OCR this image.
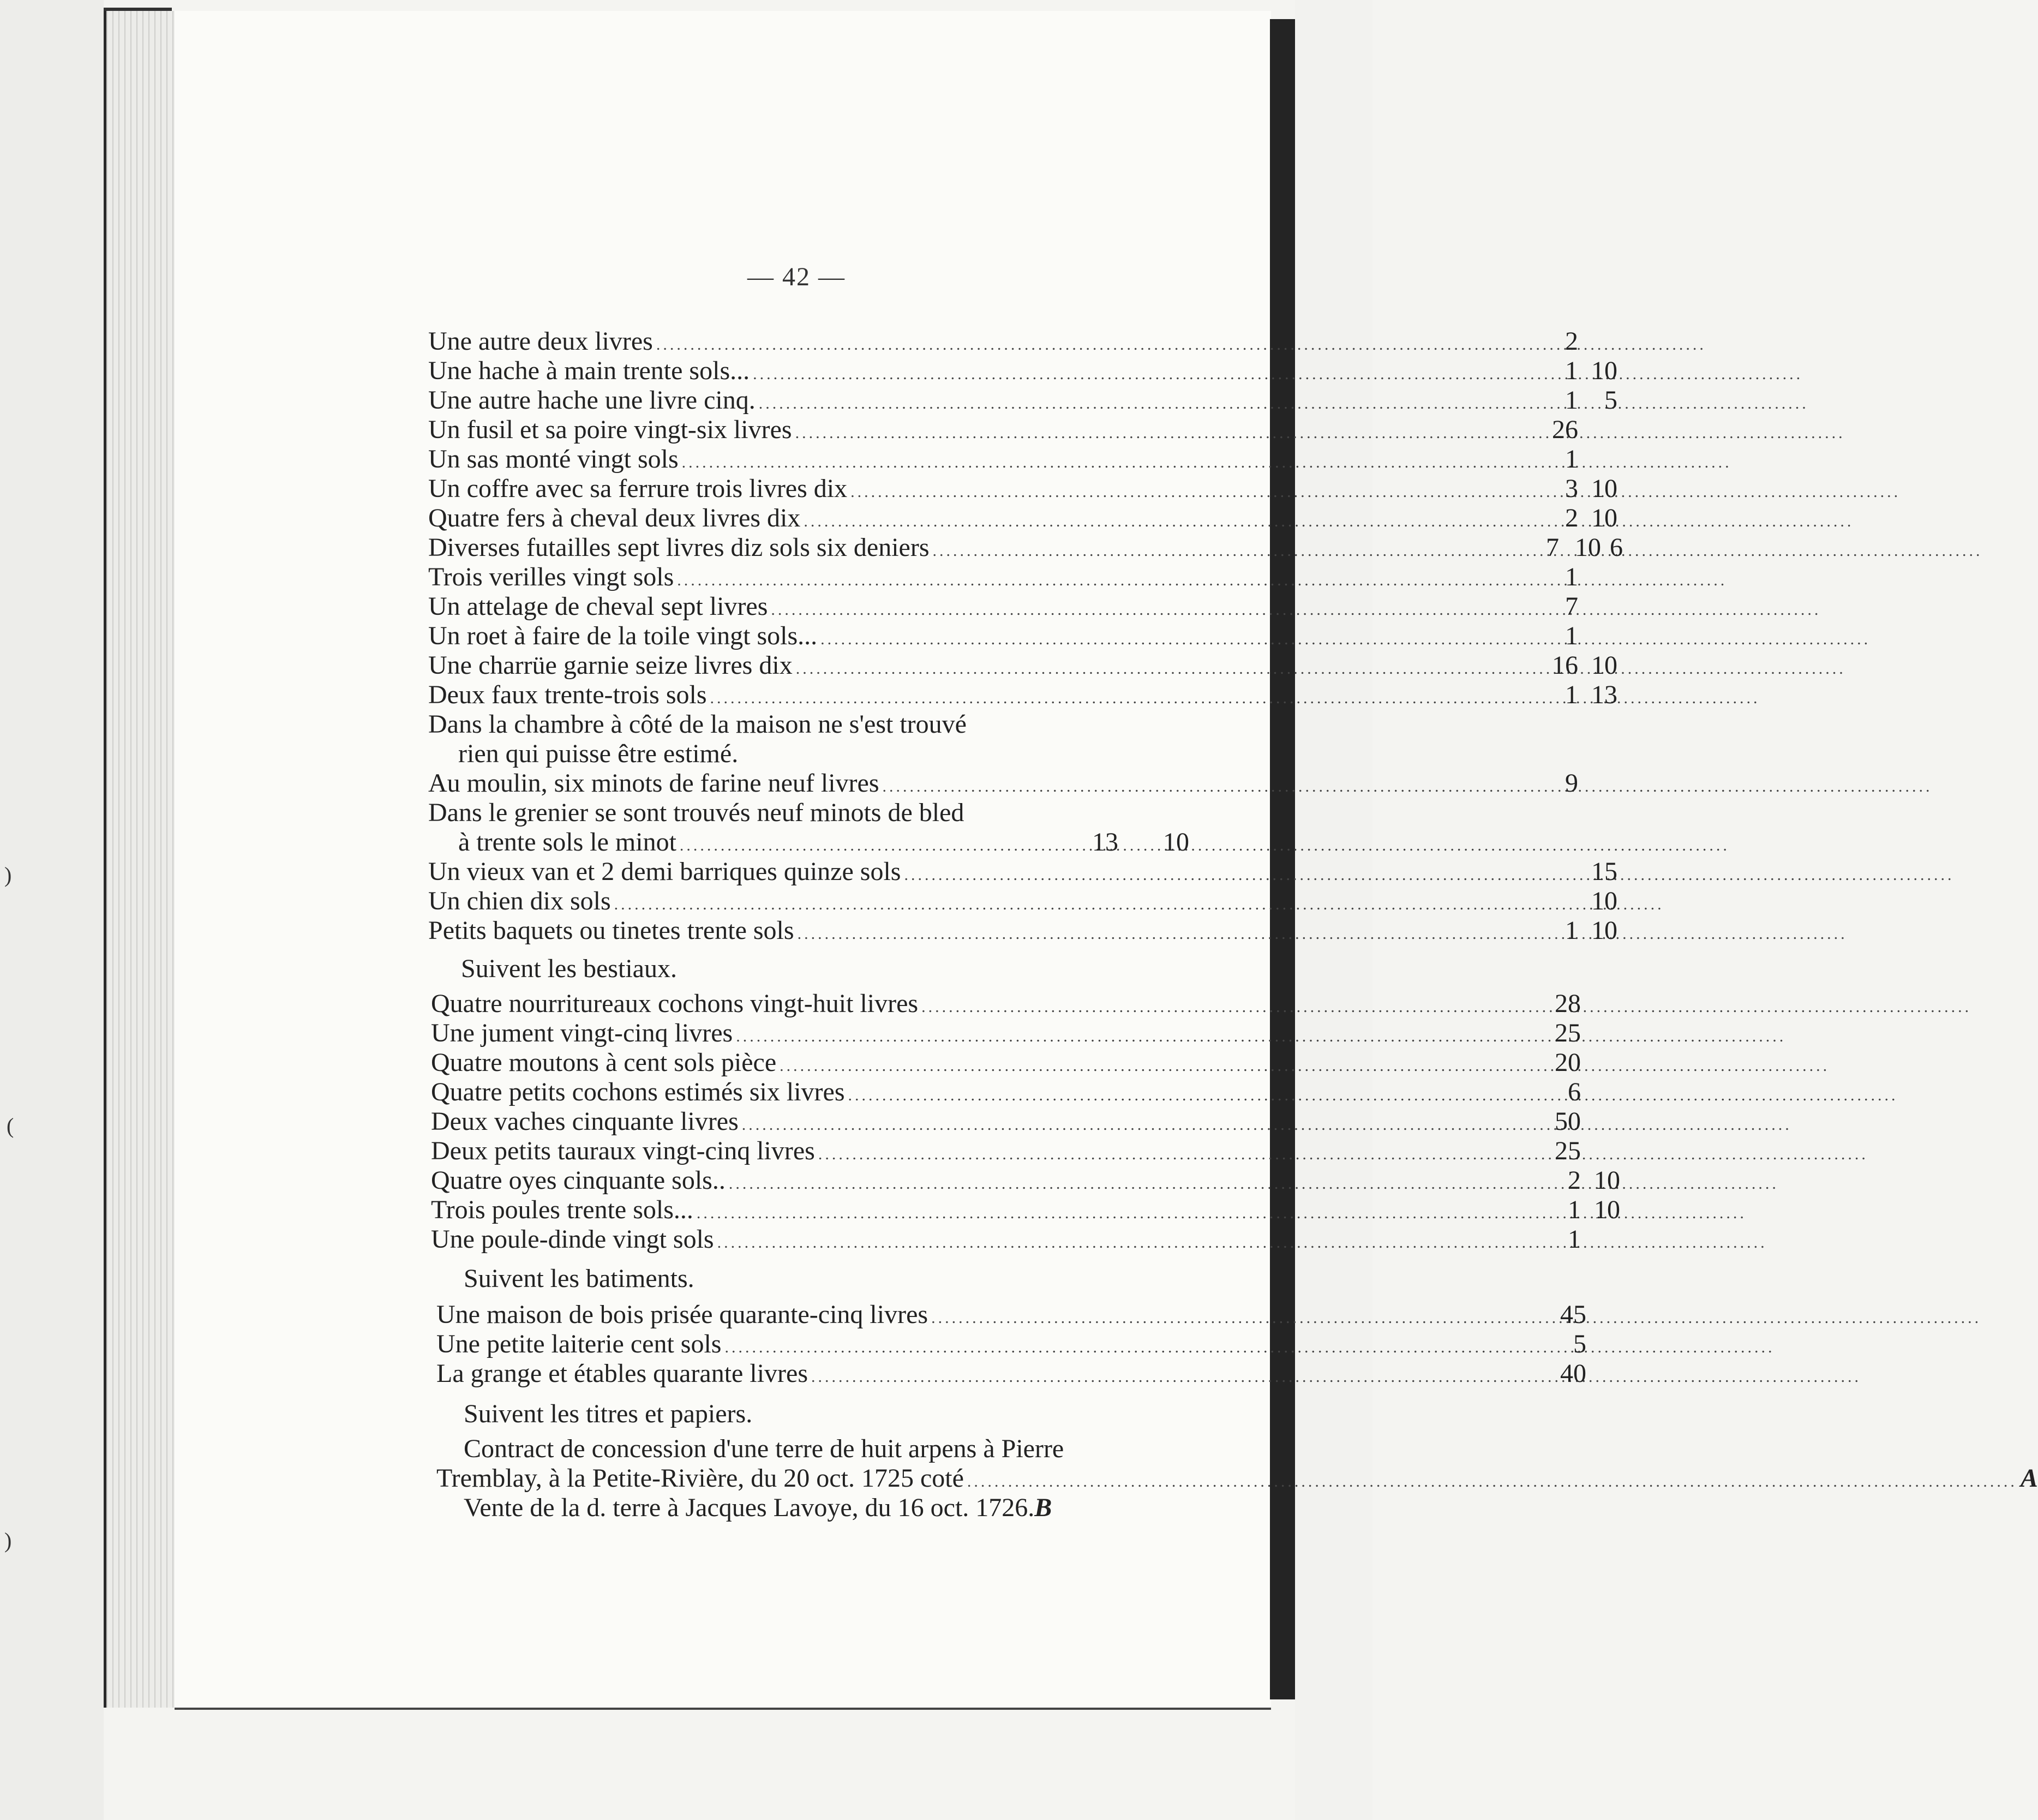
)
(
)
— 42 —
Une autre deux livres .....	2
Une hache à main trente sols... .....	1 10
Une autre hache une livre cinq. .....	1	5
Un fusil et sa poire vingt-six livres .....	26
Un sas monté vingt sols .....	1
Un coffre avec sa ferrure trois livres dix .....	3 10
Quatre fers à cheval deux livres dix .....	2 10
Diverses futailles sept livres diz sols six deniers .....	7 10 6
Trois verilles vingt sols .....	1
Un attelage de cheval sept livres .....	7
Un roet à faire de la toile vingt sols... .....	1
Une charrüe garnie seize livres dix .....	16 10
Deux faux trente-trois sols .....	1 13
Dans la chambre à côté de la maison ne s'est trouvé
rien qui puisse être estimé.
Au moulin, six minots de farine neuf livres .....	9
Dans le grenier se sont trouvés neuf minots de bled
à trente sols le minot .....	13	10
Un vieux van et 2 demi barriques quinze sols .....	15
Un chien dix sols .....	10
Petits baquets ou tinetes trente sols .....	1 10
Suivent les bestiaux.
Quatre nourritureaux cochons vingt-huit livres .....	28
Une jument vingt-cinq livres .....	25
Quatre moutons à cent sols pièce .....	20
Quatre petits cochons estimés six livres .....	6
Deux vaches cinquante livres .....	50
Deux petits tauraux vingt-cinq livres .....	25
Quatre oyes cinquante sols.. .....	2 10
Trois poules trente sols... .....	1 10
Une poule-dinde vingt sols .....	1
Suivent les batiments.
Une maison de bois prisée quarante-cinq livres .....	45
Une petite laiterie cent sols .....	5
La grange et étables quarante livres .....	40
Suivent les titres et papiers.
Contract de concession d'une terre de huit arpens à Pierre
Tremblay, à la Petite-Rivière, du 20 oct. 1725 coté .....	A
Vente de la d. terre à Jacques Lavoye, du 16 oct. 1726.B
